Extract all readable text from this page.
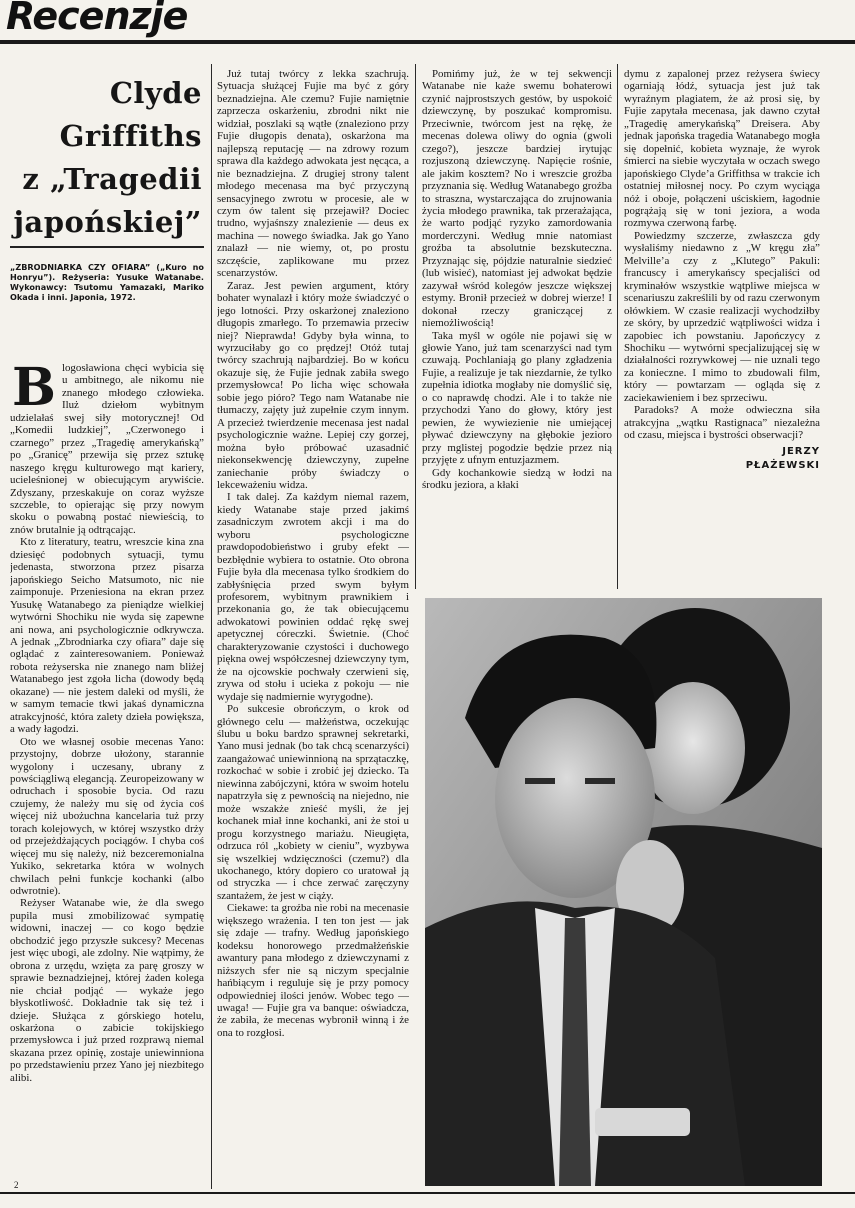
Recenzje
Clyde
Griffiths
z „Tragedii
japońskiej”
„ZBRODNIARKA CZY OFIARA” („Kuro no Honryu”). Reżyseria: Yusuke Watanabe. Wykonawcy: Tsutomu Yamazaki, Mariko Okada i inni. Japonia, 1972.

Blogosławiona chęci wybicia się u ambitnego, ale nikomu nie znanego młodego człowieka. Iluż dziełom wybitnym udzielałaś swej siły motorycznej! Od „Komedii ludzkiej”, „Czerwonego i czarnego” przez „Tragedię amerykańską” po „Granicę” przewija się przez sztukę naszego kręgu kulturowego mąt kariery, ucielеśnionej w obiecującym arywiście. Zdyszany, przeskakuje on coraz wyższe szczeble, to opierając się przy nowym skoku o powabną postać niewieścią, to znów brutalnie ją odtrącając.

Kto z literatury, teatru, wreszcie kina zna dziesięć podobnych sytuacji, tymu jedenasta, stworzona przez pisarza japońskiego Seicho Matsumoto, nic nie zaimponuje. Przeniesiona na ekran przez Yusukę Watanabego za pieniądze wielkiej wytwórni Shochiku nie wyda się zapewne ani nowa, ani psychologicznie odkrywcza. A jednak „Zbrodniarka czy ofiara” daje się oglądać z zainteresowaniem. Ponieważ robota reżyserska nie znanego nam bliżej Watanabego jest zgoła licha (dowody będą okazane) — nie jestem daleki od myśli, że w samym temacie tkwi jakaś dynamiczna atrakcyjność, która zalety dzieła powiększa, a wady łagodzi.

Oto we własnej osobie mecenas Yano: przystojny, dobrze ułożony, starannie wygolony i uczesany, ubrany z powściągliwą elegancją. Zeuropeizowany w odruchach i sposobie bycia. Od razu czujemy, że należy mu się od życia coś więcej niż ubożuchna kancelaria tuż przy torach kolejowych, w której wszystko drży od przejeżdżających pociągów. I chyba coś więcej mu się należy, niż bezceremonialna Yukiko, sekretarka która w wolnych chwilach pełni funkcje kochanki (albo odwrotnie).

Reżyser Watanabe wie, że dla swego pupila musi zmobilizować sympatię widowni, inaczej — co kogo będzie obchodzić jego przyszłe sukcesy? Mecenas jest więc ubogi, ale zdolny. Nie wątpimy, że obrona z urzędu, wzięta za parę groszy w sprawie beznadziejnej, której żaden kolega nie chciał podjąć — wykaże jego błyskotliwość. Dokładnie tak się też i dzieje. Służąca z górskiego hotelu, oskarżona o zabicie tokijskiego przemysłowca i już przed rozprawą niemal skazana przez opinię, zostaje uniewinniona po przedstawieniu przez Yano jej niezbitego alibi.

Już tutaj twórcy z lekka szachrują. Sytuacja służącej Fujie ma być z góry beznadziejna. Ale czemu? Fujie namiętnie zaprzecza oskarżeniu, zbrodni nikt nie widział, poszlaki są wątłe (znaleziono przy Fujie długopis denata), oskarżona ma najlepszą reputację — na zdrowy rozum sprawa dla każdego adwokata jest nęcąca, a nie beznadziejna. Z drugiej strony talent młodego mecenasa ma być przyczyną sensacyjnego zwrotu w procesie, ale w czym ów talent się przejawił? Dociec trudno, wyjaśnszy znalezienie — deus ex machina — nowego świadka. Jak go Yano znalazł — nie wiemy, ot, po prostu szczęście, zaplikowane mu przez scenarzystów.

Zaraz. Jest pewien argument, który bohater wynalazł i który może świadczyć o jego lotności. Przy oskarżonej znaleziono długopis zmarłego. To przemawia przeciw niej? Nieprawda! Gdyby była winna, to wyrzuciłaby go co prędzej! Otóż tutaj twórcy szachrują najbardziej. Bo w końcu okazuje się, że Fujie jednak zabiła swego przemysłowca! Po licha więc schowała sobie jego pióro? Tego nam Watanabe nie tłumaczy, zajęty już zupełnie czym innym. A przecież twierdzenie mecenasa jest nadal psychologicznie ważne. Lepiej czy gorzej, można było próbować uzasadnić niekonsekwencję dziewczyny, zupełne zaniechanie próby świadczy o lekceważeniu widza.

I tak dalej. Za każdym niemal razem, kiedy Watanabe staje przed jakimś zasadniczym zwrotem akcji i ma do wyboru psychologiczne prawdopodobieństwo i gruby efekt — bezbłędnie wybiera to ostatnie. Oto obrona Fujie była dla mecenasa tylko środkiem do zabłyśnięcia przed swym byłym profesorem, wybitnym prawnikiem i przekonania go, że tak obiecującemu adwokatowi powinien oddać rękę swej apetycznej córeczki. Świetnie. (Choć charakteryzowanie czystości i duchowego piękna owej współczesnej dziewczyny tym, że na ojcowskie pochwały czerwieni się, zrywa od stołu i ucieka z pokoju — nie wydaje się nadmiernie wyrygodne).

Po sukcesie obrończym, o krok od głównego celu — małżeństwa, oczekując ślubu u boku bardzo sprawnej sekretarki, Yano musi jednak (bo tak chcą scenarzyści) zaangażować uniewinnioną na sprzątaczkę, rozkochać w sobie i zrobić jej dziecko. Ta niewinna zabójczyni, która w swoim hotelu napatrzyła się z pewnością na niejedno, nie może wszakże znieść myśli, że jej kochanek miał inne kochanki, ani że stoi u progu korzystnego mariażu. Nieugięta, odrzuca ról „kobiety w cieniu”, wyzbywa się wszelkiej wdzięczności (czemu?) dla ukochanego, który dopiero co uratował ją od stryczka — i chce zerwać zaręczyny szantażem, że jest w ciąży.

Ciekawe: ta groźba nie robi na mecenasie większego wrażenia. I ten ton jest — jak się zdaje — trafny. Według japońskiego kodeksu honorowego przedmałżeńskie awantury pana młodego z dziewczynami z niższych sfer nie są niczym specjalnie hańbiącym i reguluje się je przy pomocy odpowiedniej ilości jenów. Wobec tego — uwaga! — Fujie gra va banque: oświadcza, że zabiła, że mecenas wybronił winną i że ona to rozgłosi.

Pomińmy już, że w tej sekwencji Watanabe nie każe swemu bohaterowi czynić najprostszych gestów, by uspokoić dziewczynę, by poszukać kompromisu. Przeciwnie, twórcom jest na rękę, że mecenas dolewa oliwy do ognia (gwoli czego?), jeszcze bardziej irytując rozjuszoną dziewczynę. Napięcie rośnie, ale jakim kosztem? No i wreszcie groźba przyznania się. Według Watanabego groźba to straszna, wystarczająca do zrujnowania życia młodego prawnika, tak przerażająca, że warto podjąć ryzyko zamordowania morderczyni. Według mnie natomiast groźba ta absolutnie bezskuteczna. Przyznając się, pójdzie naturalnie siedzieć (lub wisieć), natomiast jej adwokat będzie zazywał wśród kolegów jeszcze większej estymy. Bronił przecież w dobrej wierze! I dokonał rzeczy graniczącej z niemożliwością!

Taka myśl w ogóle nie pojawi się w głowie Yano, już tam scenarzyści nad tym czuwają. Pochlaniają go plany zgładzenia Fujie, a realizuje je tak niezdarnie, że tylko zupełnia idiotka mogłaby nie domyślić się, o co naprawdę chodzi. Ale i to także nie przychodzi Yano do głowy, który jest pewien, że wywiezienie nie umiejącej pływać dziewczyny na głębokie jezioro przy mglistej pogodzie będzie przez nią przyjęte z ufnym entuzjazmem.

Gdy kochankowie siedzą w łodzi na środku jeziora, a kłaki

dymu z zapalonej przez reżysera świecy ogarniają łódź, sytuacja jest już tak wyraźnym plagiatem, że aż prosi się, by Fujie zapytała mecenasa, jak dawno czytał „Tragedię amerykańską” Dreisera. Aby jednak japońska tragedia Watanabego mogła się dopełnić, kobieta wyznaje, że wyrok śmierci na siebie wyczytała w oczach swego japońskiego Clyde’a Griffithsa w trakcie ich ostatniej miłosnej nocy. Po czym wyciąga nóż i oboje, połączeni uściskiem, łagodnie pogrążają się w toni jeziora, a woda rozmywa czerwoną farbę.

Powiedzmy szczerze, zwłaszcza gdy wysłaliśmy niedawno z „W kręgu zła” Melville’a czy z „Klutego” Pakuli: francuscy i amerykańscy specjaliści od kryminałów wszystkie wątpliwe miejsca w scenariuszu zakreślili by od razu czerwonym ołówkiem. W czasie realizacji wychodziłby ze skóry, by uprzedzić wątpliwości widza i zapobiec ich powstaniu. Japończycy z Shochiku — wytwórni specjalizującej się w działalności rozrywkowej — nie uznali tego za konieczne. I mimo to zbudowali film, który — powtarzam — ogląda się z zaciekawieniem i bez sprzeciwu.

Paradoks? A może odwieczna siła atrakcyjna „wątku Rastignaca” niezależna od czasu, miejsca i bystrości obserwacji?

JERZY
PŁAŻEWSKI
2
